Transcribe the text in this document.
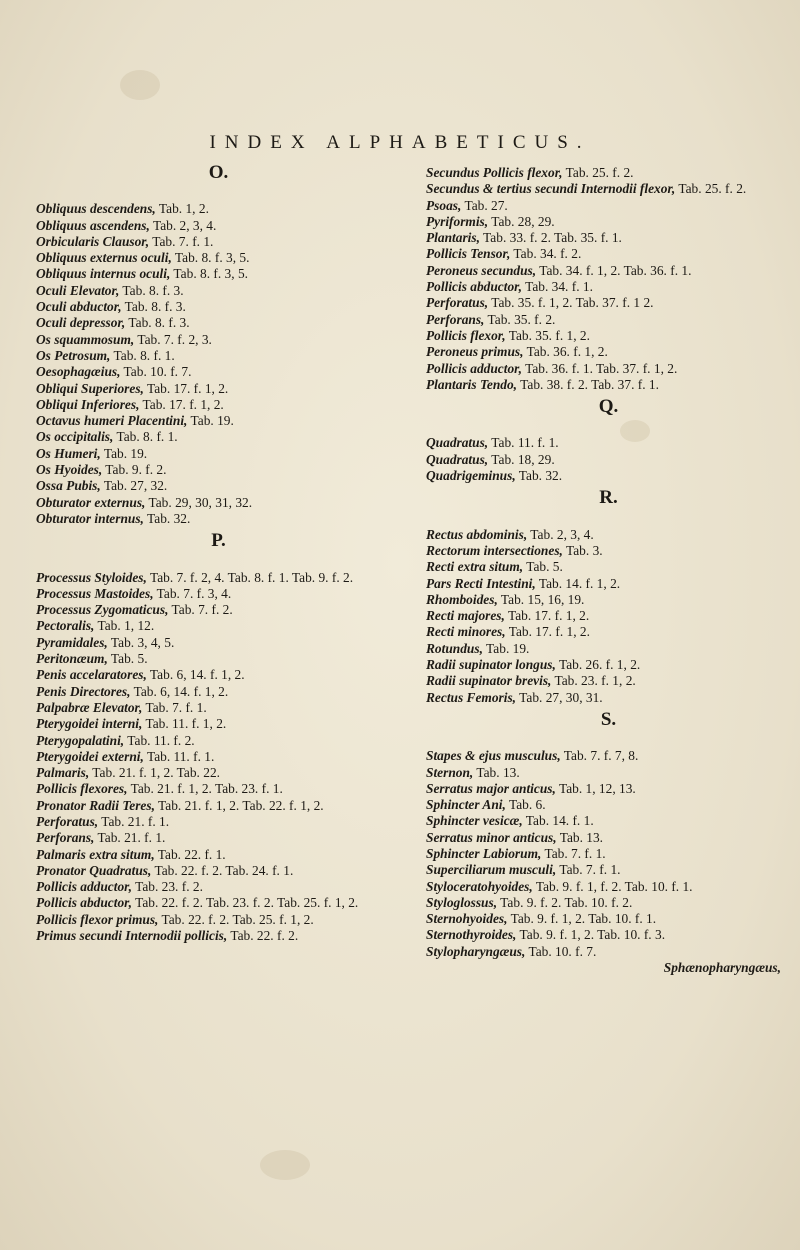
INDEX ALPHABETICUS.
O.
Obliquus descendens, Tab. 1, 2.
Obliquus ascendens, Tab. 2, 3, 4.
Orbicularis Clausor, Tab. 7. f. 1.
Obliquus externus oculi, Tab. 8. f. 3, 5.
Obliquus internus oculi, Tab. 8. f. 3, 5.
Oculi Elevator, Tab. 8. f. 3.
Oculi abductor, Tab. 8. f. 3.
Oculi depressor, Tab. 8. f. 3.
Os squammosum, Tab. 7. f. 2, 3.
Os Petrosum, Tab. 8. f. 1.
Oesophagæius, Tab. 10. f. 7.
Obliqui Superiores, Tab. 17. f. 1, 2.
Obliqui Inferiores, Tab. 17. f. 1, 2.
Octavus humeri Placentini, Tab. 19.
Os occipitalis, Tab. 8. f. 1.
Os Humeri, Tab. 19.
Os Hyoides, Tab. 9. f. 2.
Ossa Pubis, Tab. 27, 32.
Obturator externus, Tab. 29, 30, 31, 32.
Obturator internus, Tab. 32.
P.
Processus Styloides, Tab. 7. f. 2, 4. Tab. 8. f. 1. Tab. 9. f. 2.
Processus Mastoides, Tab. 7. f. 3, 4.
Processus Zygomaticus, Tab. 7. f. 2.
Pectoralis, Tab. 1, 12.
Pyramidales, Tab. 3, 4, 5.
Peritonæum, Tab. 5.
Penis accelaratores, Tab. 6, 14. f. 1, 2.
Penis Directores, Tab. 6, 14. f. 1, 2.
Palpabræ Elevator, Tab. 7. f. 1.
Pterygoidei interni, Tab. 11. f. 1, 2.
Pterygopalatini, Tab. 11. f. 2.
Pterygoidei externi, Tab. 11. f. 1.
Palmaris, Tab. 21. f. 1, 2. Tab. 22.
Pollicis flexores, Tab. 21. f. 1, 2. Tab. 23. f. 1.
Pronator Radii Teres, Tab. 21. f. 1, 2. Tab. 22. f. 1, 2.
Perforatus, Tab. 21. f. 1.
Perforans, Tab. 21. f. 1.
Palmaris extra situm, Tab. 22. f. 1.
Pronator Quadratus, Tab. 22. f. 2. Tab. 24. f. 1.
Pollicis adductor, Tab. 23. f. 2.
Pollicis abductor, Tab. 22. f. 2. Tab. 23. f. 2. Tab. 25. f. 1, 2.
Pollicis flexor primus, Tab. 22. f. 2. Tab. 25. f. 1, 2.
Primus secundi Internodii pollicis, Tab. 22. f. 2.
Secundus Pollicis flexor, Tab. 25. f. 2.
Secundus & tertius secundi Internodii flexor, Tab. 25. f. 2.
Psoas, Tab. 27.
Pyriformis, Tab. 28, 29.
Plantaris, Tab. 33. f. 2. Tab. 35. f. 1.
Pollicis Tensor, Tab. 34. f. 2.
Peroneus secundus, Tab. 34. f. 1, 2. Tab. 36. f. 1.
Pollicis abductor, Tab. 34. f. 1.
Perforatus, Tab. 35. f. 1, 2. Tab. 37. f. 1 2.
Perforans, Tab. 35. f. 2.
Pollicis flexor, Tab. 35. f. 1, 2.
Peroneus primus, Tab. 36. f. 1, 2.
Pollicis adductor, Tab. 36. f. 1. Tab. 37. f. 1, 2.
Plantaris Tendo, Tab. 38. f. 2. Tab. 37. f. 1.
Q.
Quadratus, Tab. 11. f. 1.
Quadratus, Tab. 18, 29.
Quadrigeminus, Tab. 32.
R.
Rectus abdominis, Tab. 2, 3, 4.
Rectorum intersectiones, Tab. 3.
Recti extra situm, Tab. 5.
Pars Recti Intestini, Tab. 14. f. 1, 2.
Rhomboides, Tab. 15, 16, 19.
Recti majores, Tab. 17. f. 1, 2.
Recti minores, Tab. 17. f. 1, 2.
Rotundus, Tab. 19.
Radii supinator longus, Tab. 26. f. 1, 2.
Radii supinator brevis, Tab. 23. f. 1, 2.
Rectus Femoris, Tab. 27, 30, 31.
S.
Stapes & ejus musculus, Tab. 7. f. 7, 8.
Sternon, Tab. 13.
Serratus major anticus, Tab. 1, 12, 13.
Sphincter Ani, Tab. 6.
Sphincter vesicæ, Tab. 14. f. 1.
Serratus minor anticus, Tab. 13.
Sphincter Labiorum, Tab. 7. f. 1.
Superciliarum musculi, Tab. 7. f. 1.
Styloceratohyoides, Tab. 9. f. 1, f. 2. Tab. 10. f. 1.
Styloglossus, Tab. 9. f. 2. Tab. 10. f. 2.
Sternohyoides, Tab. 9. f. 1, 2. Tab. 10. f. 1.
Sternothyroides, Tab. 9. f. 1, 2. Tab. 10. f. 3.
Stylopharyngæus, Tab. 10. f. 7.
Sphænopharyngæus,
